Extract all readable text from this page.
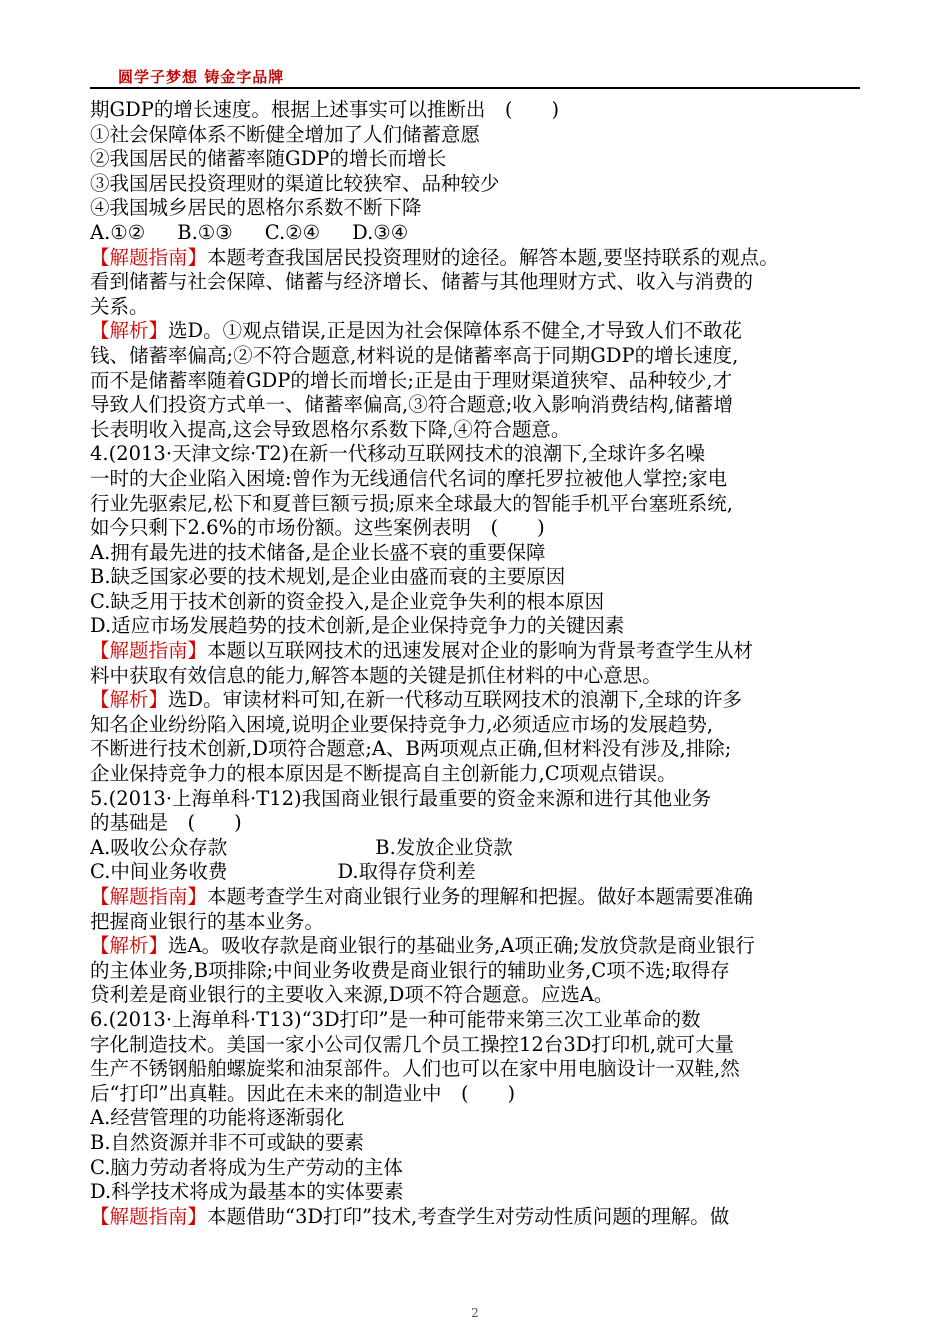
圆学子梦想 铸金字品牌
期GDP的增长速度。根据上述事实可以推断出　(　　)
①社会保障体系不断健全增加了人们储蓄意愿
②我国居民的储蓄率随GDP的增长而增长
③我国居民投资理财的渠道比较狭窄、品种较少
④我国城乡居民的恩格尔系数不断下降
A.①② B.①③ C.②④ D.③④
【解题指南】本题考查我国居民投资理财的途径。解答本题,要坚持联系的观点。
看到储蓄与社会保障、储蓄与经济增长、储蓄与其他理财方式、收入与消费的
关系。
【解析】选D。①观点错误,正是因为社会保障体系不健全,才导致人们不敢花
钱、储蓄率偏高;②不符合题意,材料说的是储蓄率高于同期GDP的增长速度,
而不是储蓄率随着GDP的增长而增长;正是由于理财渠道狭窄、品种较少,才
导致人们投资方式单一、储蓄率偏高,③符合题意;收入影响消费结构,储蓄增
长表明收入提高,这会导致恩格尔系数下降,④符合题意。
4.(2013·天津文综·T2)在新一代移动互联网技术的浪潮下,全球许多名噪
一时的大企业陷入困境:曾作为无线通信代名词的摩托罗拉被他人掌控;家电
行业先驱索尼,松下和夏普巨额亏损;原来全球最大的智能手机平台塞班系统,
如今只剩下2.6%的市场份额。这些案例表明　(　　)
A.拥有最先进的技术储备,是企业长盛不衰的重要保障
B.缺乏国家必要的技术规划,是企业由盛而衰的主要原因
C.缺乏用于技术创新的资金投入,是企业竞争失利的根本原因
D.适应市场发展趋势的技术创新,是企业保持竞争力的关键因素
【解题指南】本题以互联网技术的迅速发展对企业的影响为背景考查学生从材
料中获取有效信息的能力,解答本题的关键是抓住材料的中心意思。
【解析】选D。审读材料可知,在新一代移动互联网技术的浪潮下,全球的许多
知名企业纷纷陷入困境,说明企业要保持竞争力,必须适应市场的发展趋势,
不断进行技术创新,D项符合题意;A、B两项观点正确,但材料没有涉及,排除;
企业保持竞争力的根本原因是不断提高自主创新能力,C项观点错误。
5.(2013·上海单科·T12)我国商业银行最重要的资金来源和进行其他业务
的基础是　(　　)
A.吸收公众存款	B.发放企业贷款
C.中间业务收费	D.取得存贷利差
【解题指南】本题考查学生对商业银行业务的理解和把握。做好本题需要准确
把握商业银行的基本业务。
【解析】选A。吸收存款是商业银行的基础业务,A项正确;发放贷款是商业银行
的主体业务,B项排除;中间业务收费是商业银行的辅助业务,C项不选;取得存
贷利差是商业银行的主要收入来源,D项不符合题意。应选A。
6.(2013·上海单科·T13)“3D打印”是一种可能带来第三次工业革命的数
字化制造技术。美国一家小公司仅需几个员工操控12台3D打印机,就可大量
生产不锈钢船舶螺旋桨和油泵部件。人们也可以在家中用电脑设计一双鞋,然
后“打印”出真鞋。因此在未来的制造业中　(　　)
A.经营管理的功能将逐渐弱化
B.自然资源并非不可或缺的要素
C.脑力劳动者将成为生产劳动的主体
D.科学技术将成为最基本的实体要素
【解题指南】本题借助“3D打印”技术,考查学生对劳动性质问题的理解。做
2
